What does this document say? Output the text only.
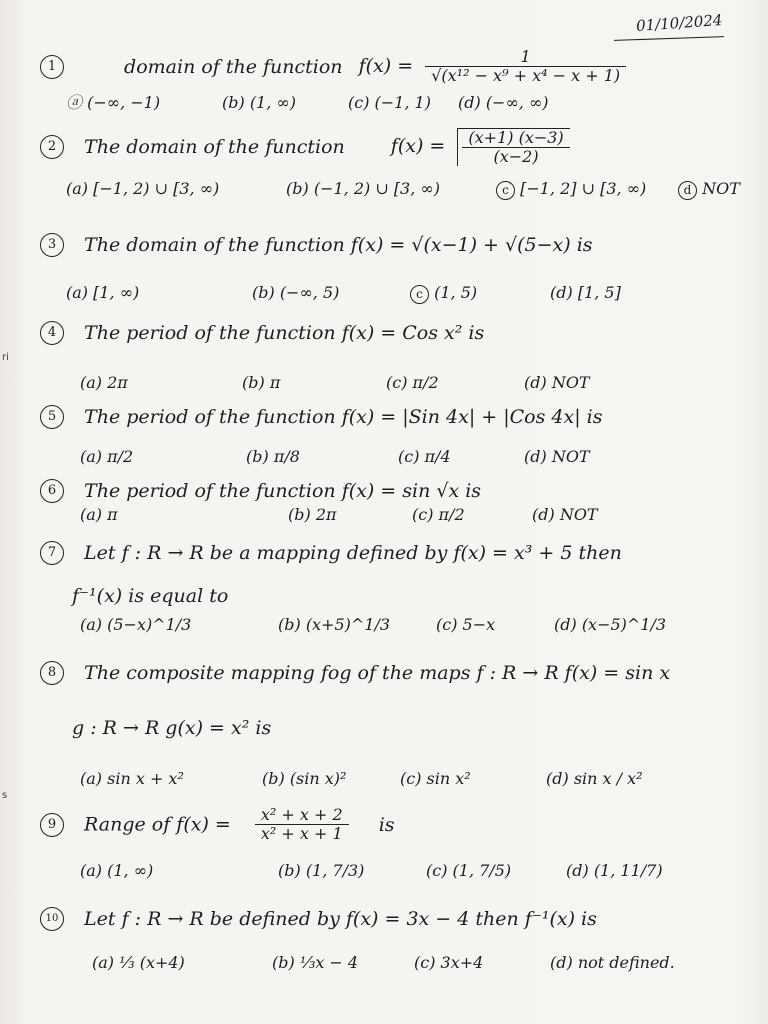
01/10/2024
ri
s
1	domain of the function $f(x) = \frac{1}{\text{√(x¹² − x⁹ + x⁴ − x + 1)}}$
ⓐ (−∞, −1)	(b) (1, ∞)	(c) (−1, 1) (d) (−∞, ∞)
2 The domain of the function $f(x) = \frac{(x+1) (x-3)}{(x-2)}$
(a) [−1, 2) ∪ [3, ∞)	(b) (−1, 2) ∪ [3, ∞)	c [−1, 2] ∪ [3, ∞)	d NOT
3 The domain of the function f(x) = √(x−1) + √(5−x) is
(a) [1, ∞)	(b) (−∞, 5)	c (1, 5)	(d) [1, 5]
4 The period of the function f(x) = Cos x² is
(a) 2π	(b) π	(c) π/2	(d) NOT
5 The period of the function f(x) = |Sin 4x| + |Cos 4x| is
(a) π/2	(b) π/8	(c) π/4	(d) NOT
6 The period of the function f(x) = sin √x is
(a) π	(b) 2π	(c) π/2	(d) NOT
7 Let f : R → R be a mapping defined by f(x) = x³ + 5 then
f⁻¹(x) is equal to
(a) (5−x)^1/3	(b) (x+5)^1/3	(c) 5−x	(d) (x−5)^1/3
8 The composite mapping fog of the maps f : R → R f(x) = sin x
g : R → R g(x) = x² is
(a) sin x + x²	(b) (sin x)²	(c) sin x²	(d) sin x / x²
9 Range of $f(x) = \frac{\text{x² + x + 2}}{\text{x² + x + 1}}$ is
(a) (1, ∞)	(b) (1, 7/3)	(c) (1, 7/5)	(d) (1, 11/7)
10 Let f : R → R be defined by f(x) = 3x − 4 then f⁻¹(x) is
(a) ⅓ (x+4)	(b) ⅓x − 4	(c) 3x+4	(d) not defined.
